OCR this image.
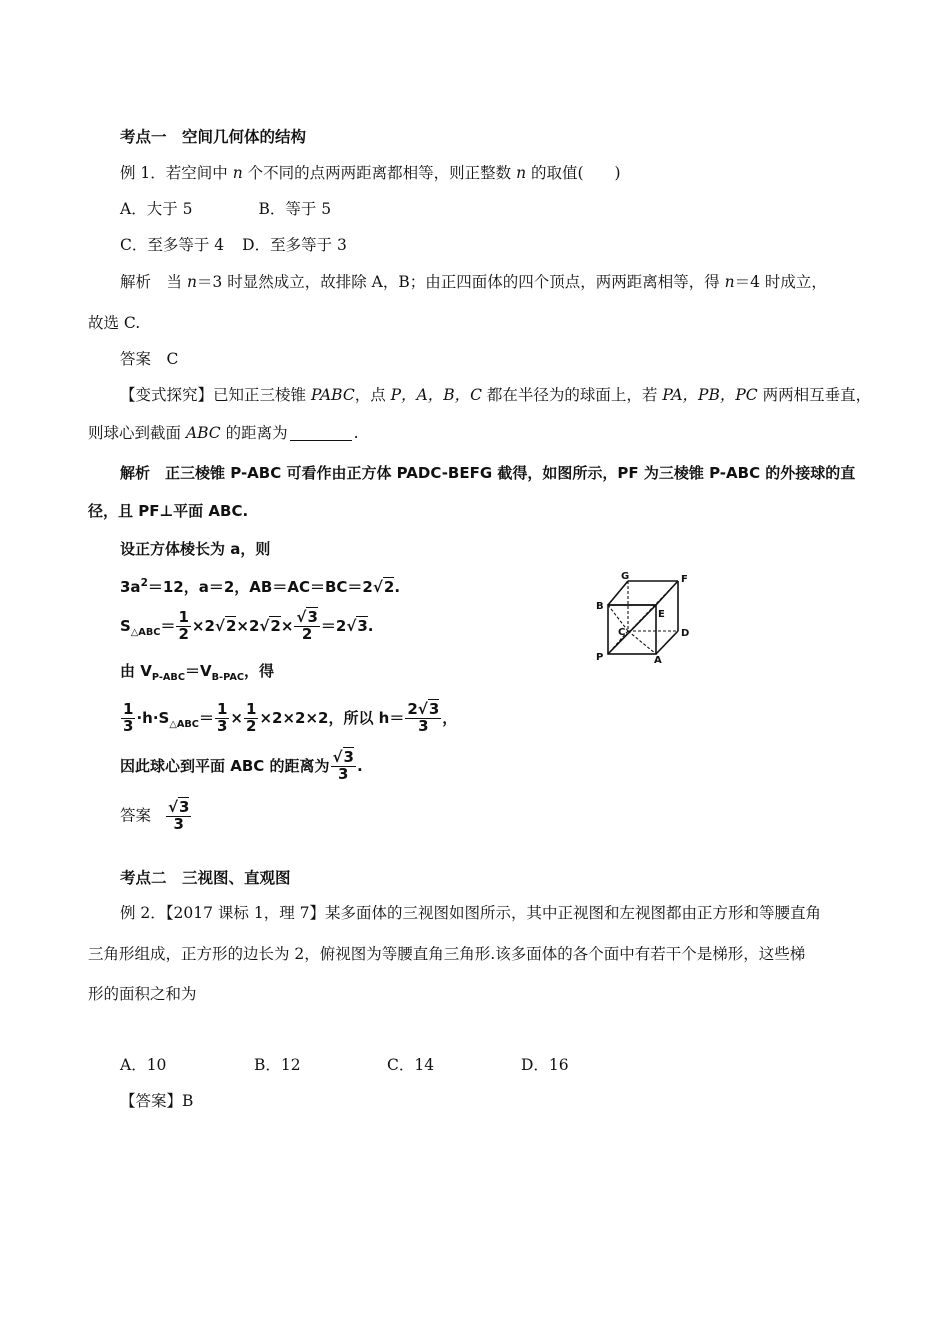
考点一　空间几何体的结构
例 1．若空间中 n 个不同的点两两距离都相等，则正整数 n 的取值(　　)
A．大于 5	B．等于 5
C．至多等于 4 D．至多等于 3
解析　当 n＝3 时显然成立，故排除 A，B；由正四面体的四个顶点，两两距离相等，得 n＝4 时成立，
故选 C.
答案　C
【变式探究】已知正三棱锥 PABC，点 P，A，B，C 都在半径为的球面上，若 PA，PB，PC 两两相互垂直，
则球心到截面 ABC 的距离为	.
解析　正三棱锥 P-ABC 可看作由正方体 PADC-BEFG 截得，如图所示，PF 为三棱锥 P-ABC 的外接球的直
径，且 PF⊥平面 ABC.
设正方体棱长为 a，则
$3a^2=12$，a＝2，AB＝AC＝BC＝2√2.
$S_{\triangle ABC}= \frac{1}{2} \times 2√2\times 2√2\times \frac{√3}{2} =2√3$.
由 $V_{P-ABC}=V_{B-PAC}$，得
$\frac{1}{3} \cdot h\cdot S_{\triangle ABC}= \frac{1}{3} \times \frac{1}{2} \times 2\times 2\times 2$，所以 $h= \frac{2√3}{3}$ ，
因此球心到平面 ABC 的距离为 $\frac{√3}{3}$ .
答案 $\frac{√3}{3}$
G	F
B
E
C	D
P	A
考点二　三视图、直观图
例 2．【2017 课标 1，理 7】某多面体的三视图如图所示，其中正视图和左视图都由正方形和等腰直角
三角形组成，正方形的边长为 2，俯视图为等腰直角三角形.该多面体的各个面中有若干个是梯形，这些梯
形的面积之和为
A．10	B．12	C．14	D．16
【答案】B
